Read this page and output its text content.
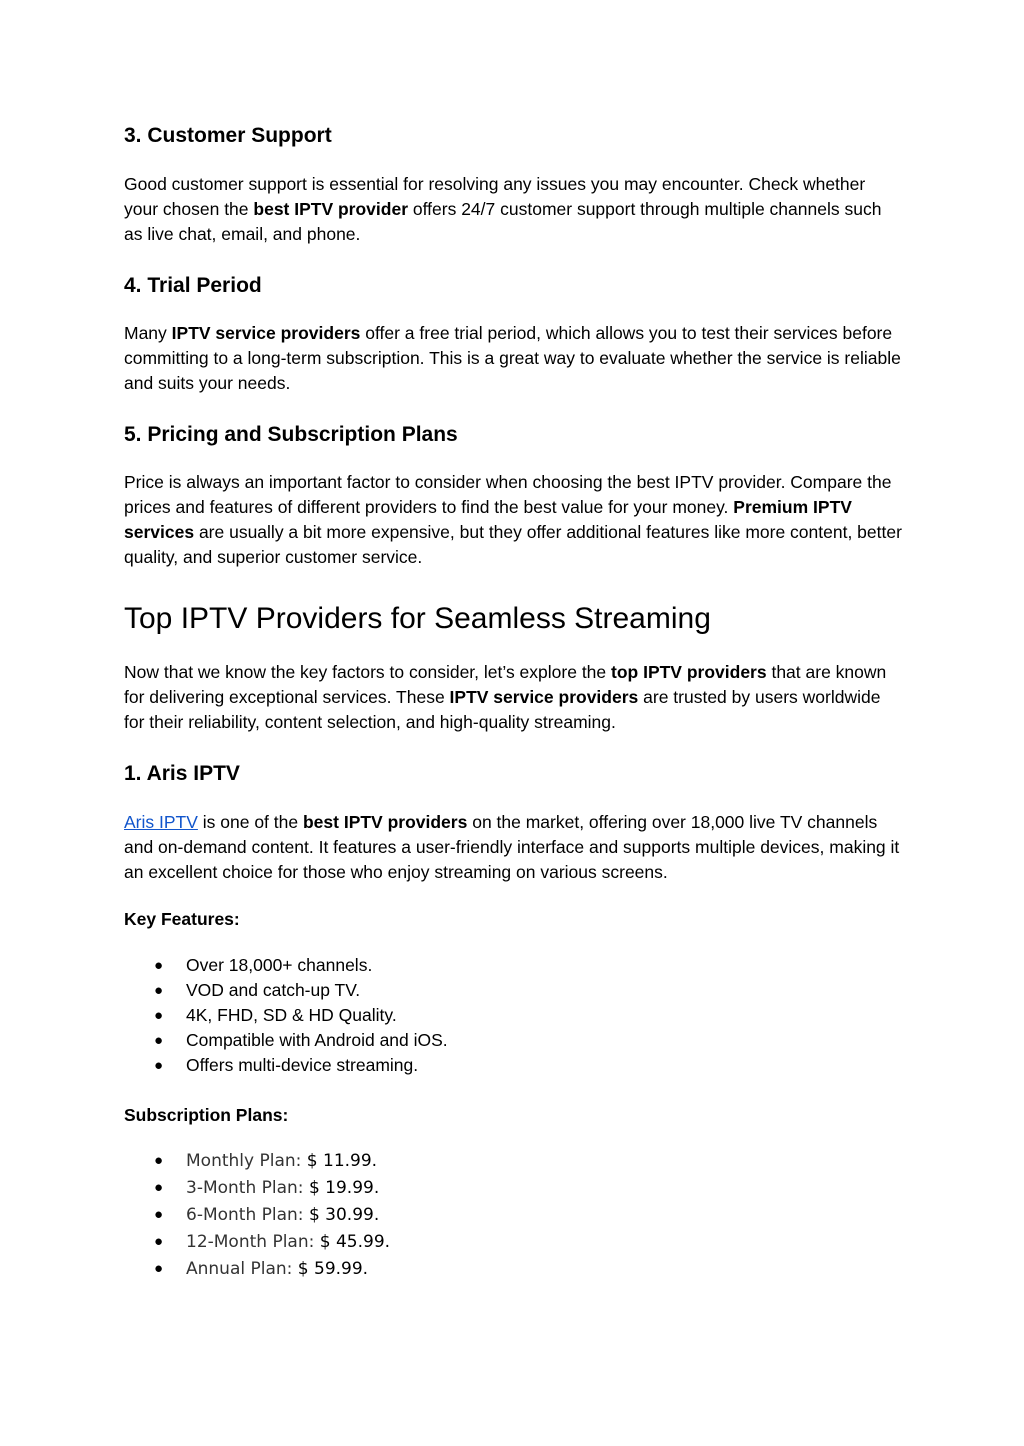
3. Customer Support

Good customer support is essential for resolving any issues you may encounter. Check whether your chosen the best IPTV provider offers 24/7 customer support through multiple channels such as live chat, email, and phone.

4. Trial Period

Many IPTV service providers offer a free trial period, which allows you to test their services before committing to a long-term subscription. This is a great way to evaluate whether the service is reliable and suits your needs.

5. Pricing and Subscription Plans

Price is always an important factor to consider when choosing the best IPTV provider. Compare the prices and features of different providers to find the best value for your money. Premium IPTV services are usually a bit more expensive, but they offer additional features like more content, better quality, and superior customer service.

Top IPTV Providers for Seamless Streaming

Now that we know the key factors to consider, let’s explore the top IPTV providers that are known for delivering exceptional services. These IPTV service providers are trusted by users worldwide for their reliability, content selection, and high-quality streaming.

1. Aris IPTV

Aris IPTV is one of the best IPTV providers on the market, offering over 18,000 live TV channels and on-demand content. It features a user-friendly interface and supports multiple devices, making it an excellent choice for those who enjoy streaming on various screens.

Key Features:

● Over 18,000+ channels.
● VOD and catch-up TV.
● 4K, FHD, SD & HD Quality.
● Compatible with Android and iOS.
● Offers multi-device streaming.

Subscription Plans:

● Monthly Plan: $ 11.99.
● 3-Month Plan: $ 19.99.
● 6-Month Plan: $ 30.99.
● 12-Month Plan: $ 45.99.
● Annual Plan: $ 59.99.
